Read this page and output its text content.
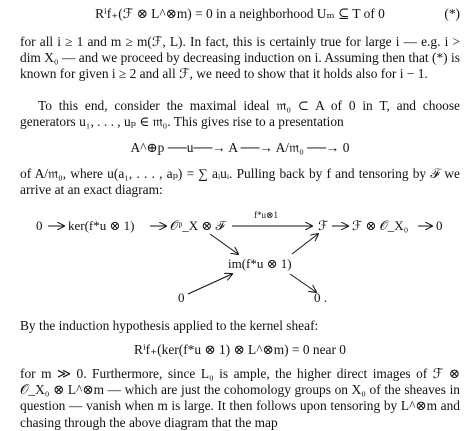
Rⁱf₊(ℱ ⊗ L^⊗m) = 0 in a neighborhood Uₘ ⊆ T of 0	(*)
for all i ≥ 1 and m ≥ m(ℱ, L). In fact, this is certainly true for large i — e.g. i > dim X₀ — and we proceed by decreasing induction on i. Assuming then that (*) is known for given i ≥ 2 and all ℱ, we need to show that it holds also for i − 1.
To this end, consider the maximal ideal 𝔪₀ ⊂ A of 0 in T, and choose generators u₁, . . . , uₚ ∈ 𝔪₀. This gives rise to a presentation
A^⊕p ──u──→ A ──→ A/𝔪₀ ──→ 0
of A/𝔪₀, where u(a₁, . . . , aₚ) = ∑ aᵢuᵢ. Pulling back by f and tensoring by ℱ we arrive at an exact diagram:
0 ker(f*u ⊗ 1)	𝒪ᵖ_X ⊗ ℱ
f*u⊗1
ℱ ℱ ⊗ 𝒪_X₀ 0
im(f*u ⊗ 1)
0	0 .
By the induction hypothesis applied to the kernel sheaf:
Rⁱf₊(ker(f*u ⊗ 1) ⊗ L^⊗m) = 0 near 0
for m ≫ 0. Furthermore, since L₀ is ample, the higher direct images of ℱ ⊗ 𝒪_X₀ ⊗ L^⊗m — which are just the cohomology groups on X₀ of the sheaves in question — vanish when m is large. It then follows upon tensoring by L^⊗m and chasing through the above diagram that the map
